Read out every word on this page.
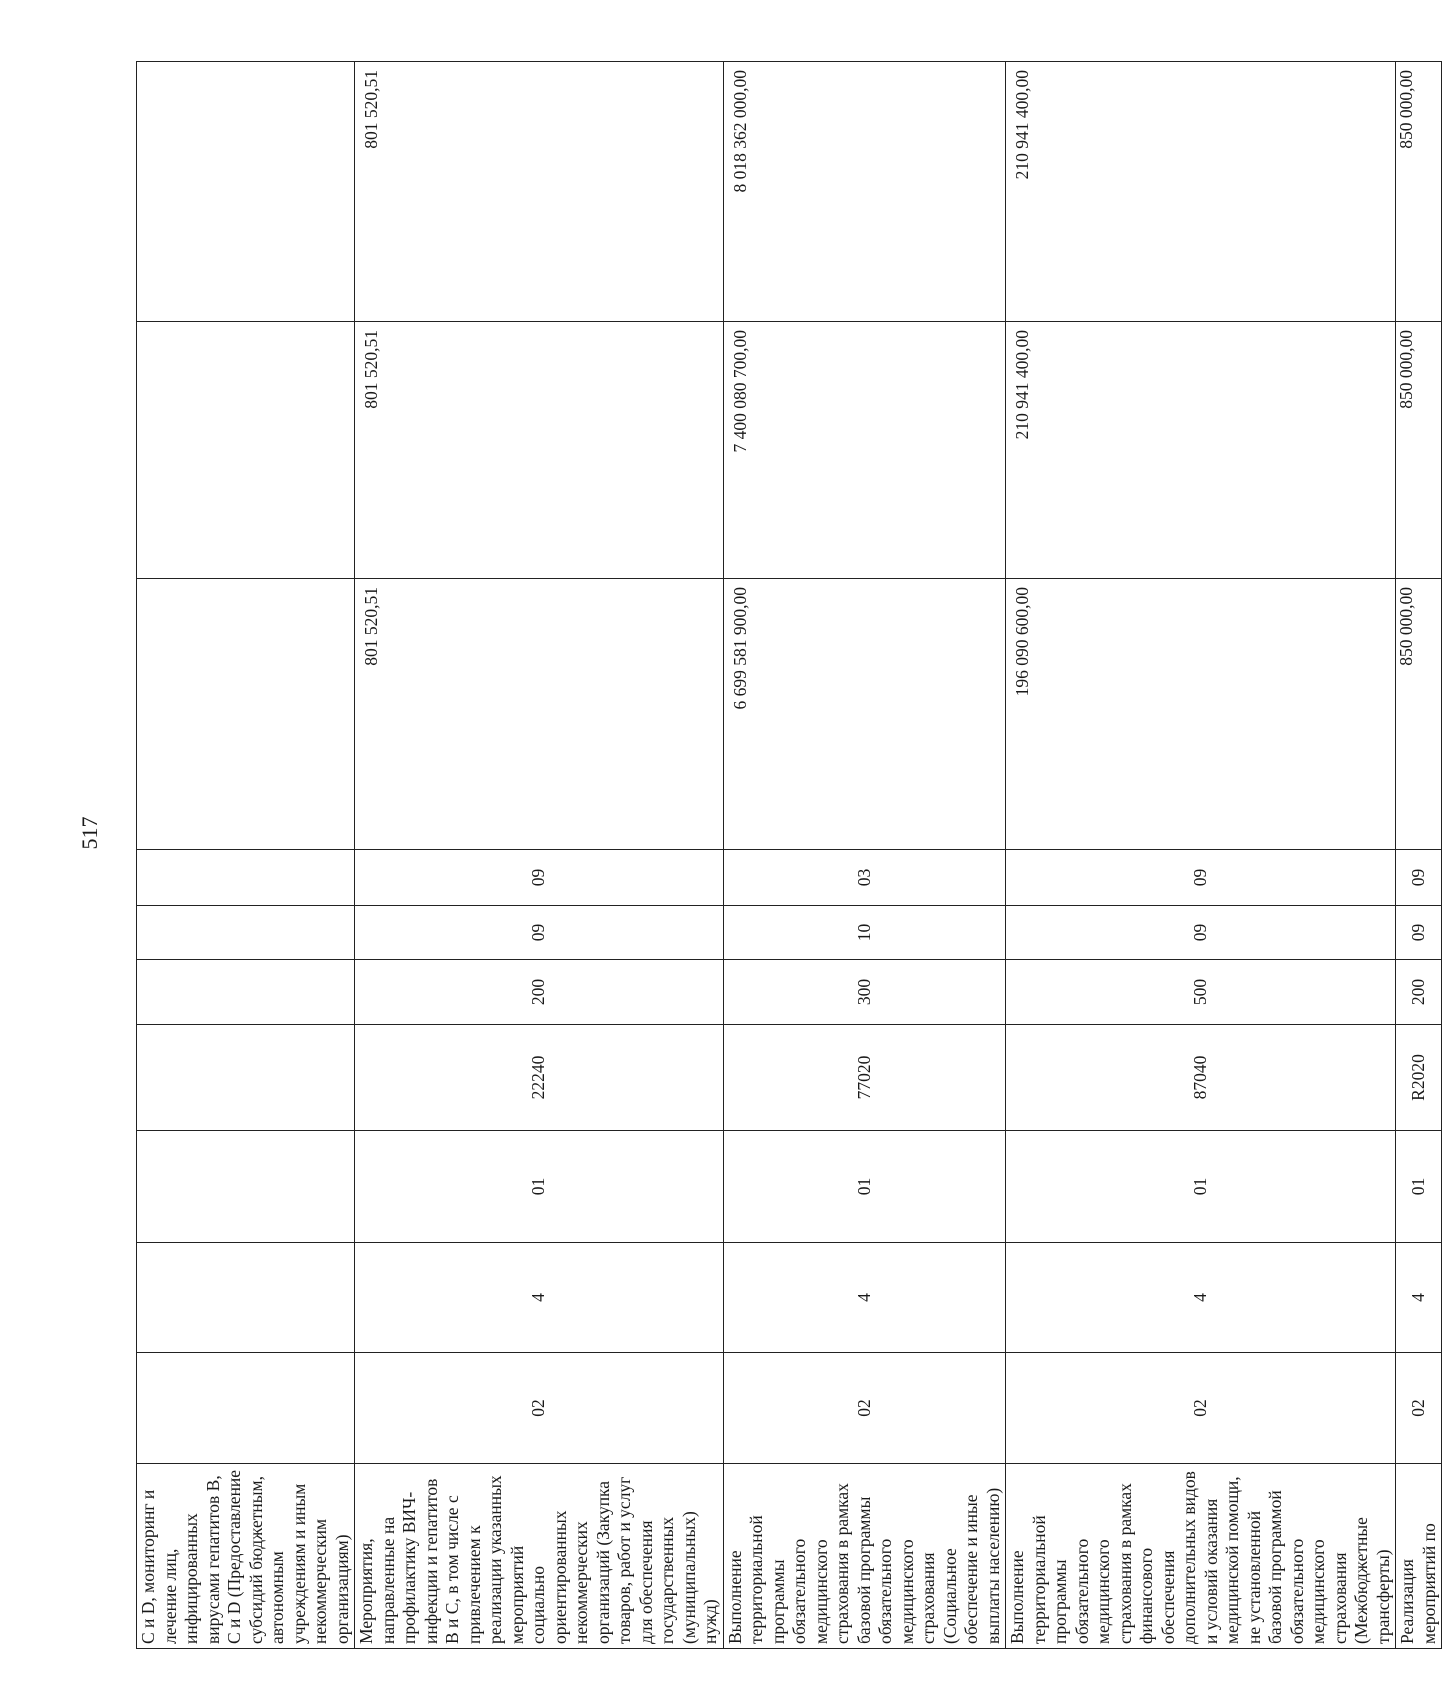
517
С и D, мониторинг и лечение лиц, инфицированных вирусами гепатитов B, C и D (Предоставление субсидий бюджетным, автономным учреждениям и иным некоммерческим организациям)										
Мероприятия, направленные на профилактику ВИЧ-инфекции и гепатитов B и C, в том числе с привлечением к реализации указанных мероприятий социально ориентированных некоммерческих организаций (Закупка товаров, работ и услуг для обеспечения государственных (муниципальных) нужд)	02	4	01	22240	200	09	09	801 520,51	801 520,51	801 520,51
Выполнение территориальной программы обязательного медицинского страхования в рамках базовой программы обязательного медицинского страхования (Социальное обеспечение и иные выплаты населению)	02	4	01	77020	300	10	03	6 699 581 900,00	7 400 080 700,00	8 018 362 000,00
Выполнение территориальной программы обязательного медицинского страхования в рамках финансового обеспечения дополнительных видов и условий оказания медицинской помощи, не установленной базовой программой обязательного медицинского страхования (Межбюджетные трансферты)	02	4	01	87040	500	09	09	196 090 600,00	210 941 400,00	210 941 400,00
Реализация мероприятий по	02	4	01	R2020	200	09	09	850 000,00	850 000,00	850 000,00
